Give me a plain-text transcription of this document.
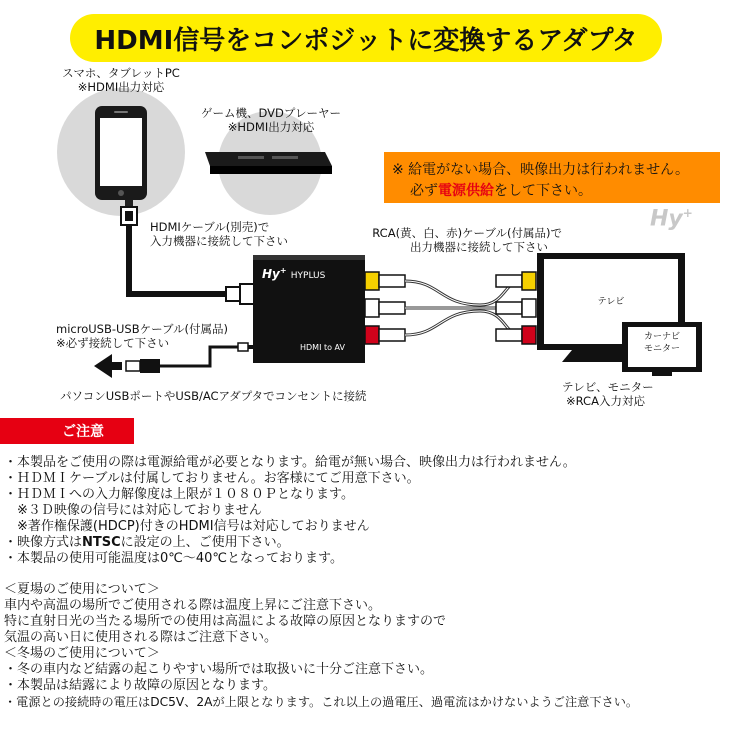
HDMI信号をコンポジットに変換するアダプタ
スマホ、タブレットPC
※HDMI出力対応
ゲーム機、DVDプレーヤー
※HDMI出力対応
HDMIケーブル(別売)で
入力機器に接続して下さい
RCA(黄、白、赤)ケーブル(付属品)で
出力機器に接続して下さい
microUSB-USBケーブル(付属品)
※必ず接続して下さい
パソコンUSBポートやUSB/ACアダプタでコンセントに接続
テレビ、モニター
※RCA入力対応
テレビ
カーナビ
モニター
Hy+ HYPLUS
HDMI to AV
Hy+
※ 給電がない場合、映像出力は行われません。
必ず電源供給をして下さい。
ご注意
・本製品をご使用の際は電源給電が必要となります。給電が無い場合、映像出力は行われません。
・ＨＤＭＩケーブルは付属しておりません。お客様にてご用意下さい。
・ＨＤＭＩへの入力解像度は上限が１０８０Ｐとなります。
　※３Ｄ映像の信号には対応しておりません
　※著作権保護(HDCP)付きのHDMI信号は対応しておりません
・映像方式はNTSCに設定の上、ご使用下さい。
・本製品の使用可能温度は0℃〜40℃となっております。
＜夏場のご使用について＞
車内や高温の場所でご使用される際は温度上昇にご注意下さい。
特に直射日光の当たる場所での使用は高温による故障の原因となりますので
気温の高い日に使用される際はご注意下さい。
＜冬場のご使用について＞
・冬の車内など結露の起こりやすい場所では取扱いに十分ご注意下さい。
・本製品は結露により故障の原因となります。
・電源との接続時の電圧はDC5V、2Aが上限となります。これ以上の過電圧、過電流はかけないようご注意下さい。
